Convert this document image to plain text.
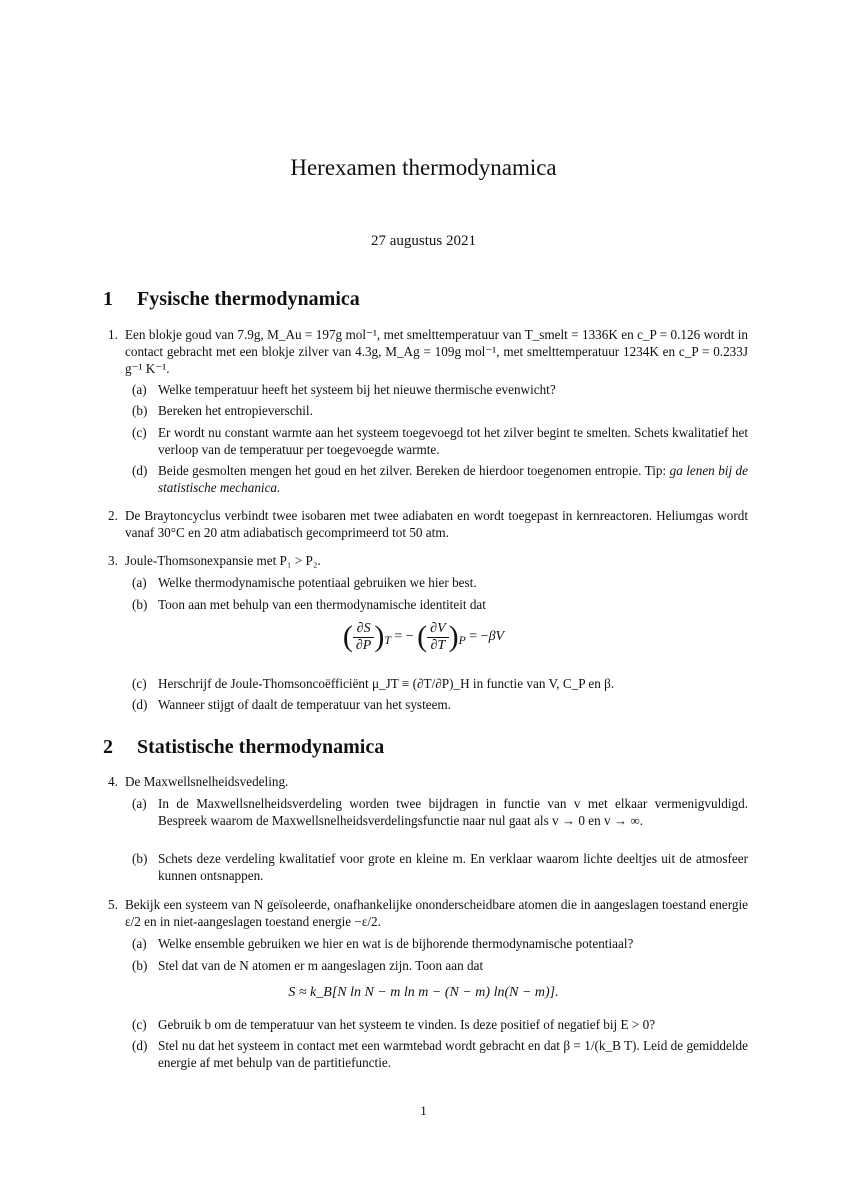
Herexamen thermodynamica
27 augustus 2021
1 Fysische thermodynamica
1. Een blokje goud van 7.9g, M_Au = 197g mol⁻¹, met smelttemperatuur van T_smelt = 1336K en c_P = 0.126 wordt in contact gebracht met een blokje zilver van 4.3g, M_Ag = 109g mol⁻¹, met smelttemperatuur 1234K en c_P = 0.233J g⁻¹ K⁻¹.
(a) Welke temperatuur heeft het systeem bij het nieuwe thermische evenwicht?
(b) Bereken het entropieverschil.
(c) Er wordt nu constant warmte aan het systeem toegevoegd tot het zilver begint te smelten. Schets kwalitatief het verloop van de temperatuur per toegevoegde warmte.
(d) Beide gesmolten mengen het goud en het zilver. Bereken de hierdoor toegenomen entropie. Tip: ga lenen bij de statistische mechanica.
2. De Braytoncyclus verbindt twee isobaren met twee adiabaten en wordt toegepast in kernreactoren. Heliumgas wordt vanaf 30°C en 20 atm adiabatisch gecomprimeerd tot 50 atm.
3. Joule-Thomsonexpansie met P₁ > P₂.
(a) Welke thermodynamische potentiaal gebruiken we hier best.
(b) Toon aan met behulp van een thermodynamische identiteit dat
( $\frac{\partial S}{\partial P} )_T$ = − ( $\frac{\partial V}{\partial T} )_P = -\beta V$
(c) Herschrijf de Joule-Thomsoncoëfficiënt μ_JT ≡ (∂T/∂P)_H in functie van V, C_P en β.
(d) Wanneer stijgt of daalt de temperatuur van het systeem.
2 Statistische thermodynamica
4. De Maxwellsnelheidsvedeling.
(a) In de Maxwellsnelheidsverdeling worden twee bijdragen in functie van v met elkaar vermenigvuldigd. Bespreek waarom de Maxwellsnelheidsverdelingsfunctie naar nul gaat als v → 0 en v → ∞.
(b) Schets deze verdeling kwalitatief voor grote en kleine m. En verklaar waarom lichte deeltjes uit de atmosfeer kunnen ontsnappen.
5. Bekijk een systeem van N geïsoleerde, onafhankelijke ononderscheidbare atomen die in aangeslagen toestand energie ε/2 en in niet-aangeslagen toestand energie −ε/2.
(a) Welke ensemble gebruiken we hier en wat is de bijhorende thermodynamische potentiaal?
(b) Stel dat van de N atomen er m aangeslagen zijn. Toon aan dat
S ≈ k_B[N ln N − m ln m − (N − m) ln(N − m)].
(c) Gebruik b om de temperatuur van het systeem te vinden. Is deze positief of negatief bij E > 0?
(d) Stel nu dat het systeem in contact met een warmtebad wordt gebracht en dat β = 1/(k_B T). Leid de gemiddelde energie af met behulp van de partitiefunctie.
1
